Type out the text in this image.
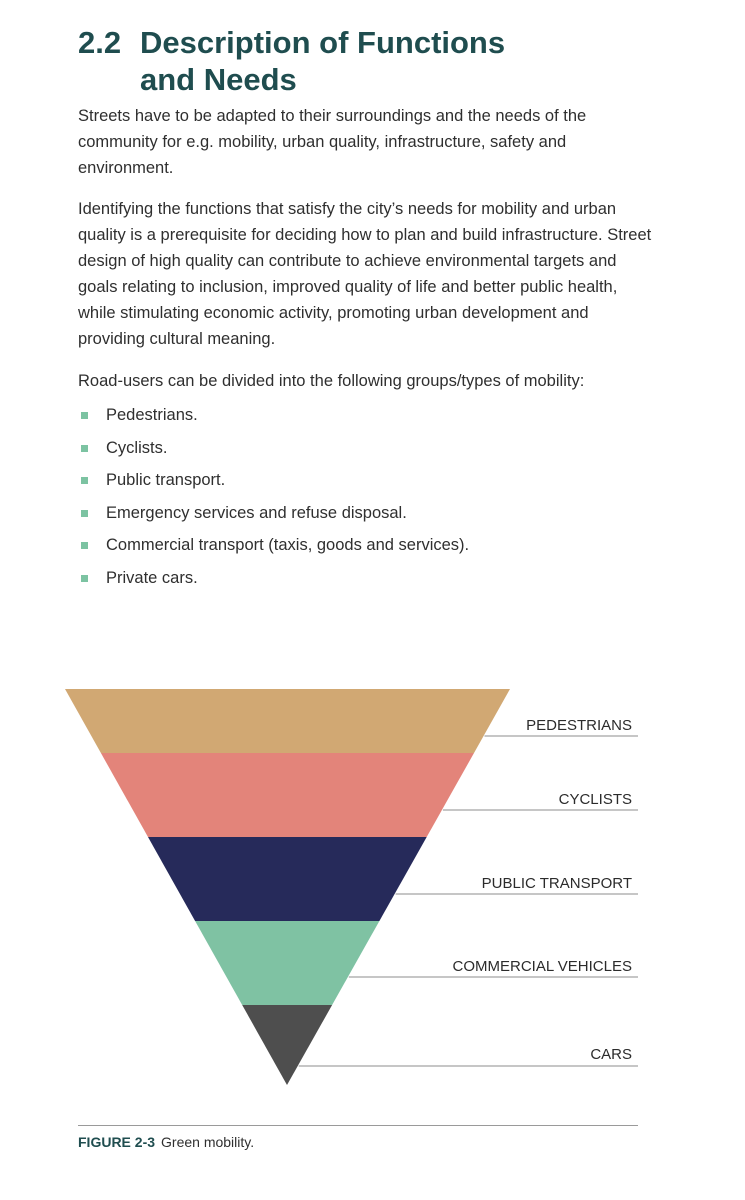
2.2 Description of Functions
and Needs

Streets have to be adapted to their surroundings and the needs of the community for e.g. mobility, urban quality, infrastructure, safety and environment.

Identifying the functions that satisfy the city’s needs for mobility and urban quality is a prerequisite for deciding how to plan and build infrastructure. Street design of high quality can contribute to achieve environmental targets and goals relating to inclusion, improved quality of life and better public health, while stimulating economic activity, promoting urban development and providing cultural meaning.

Road-users can be divided into the following groups/types of mobility:

Pedestrians.
Cyclists.
Public transport.
Emergency services and refuse disposal.
Commercial transport (taxis, goods and services).
Private cars.
PEDESTRIANS
CYCLISTS
PUBLIC TRANSPORT
COMMERCIAL VEHICLES
CARS
FIGURE 2-3 Green mobility.
